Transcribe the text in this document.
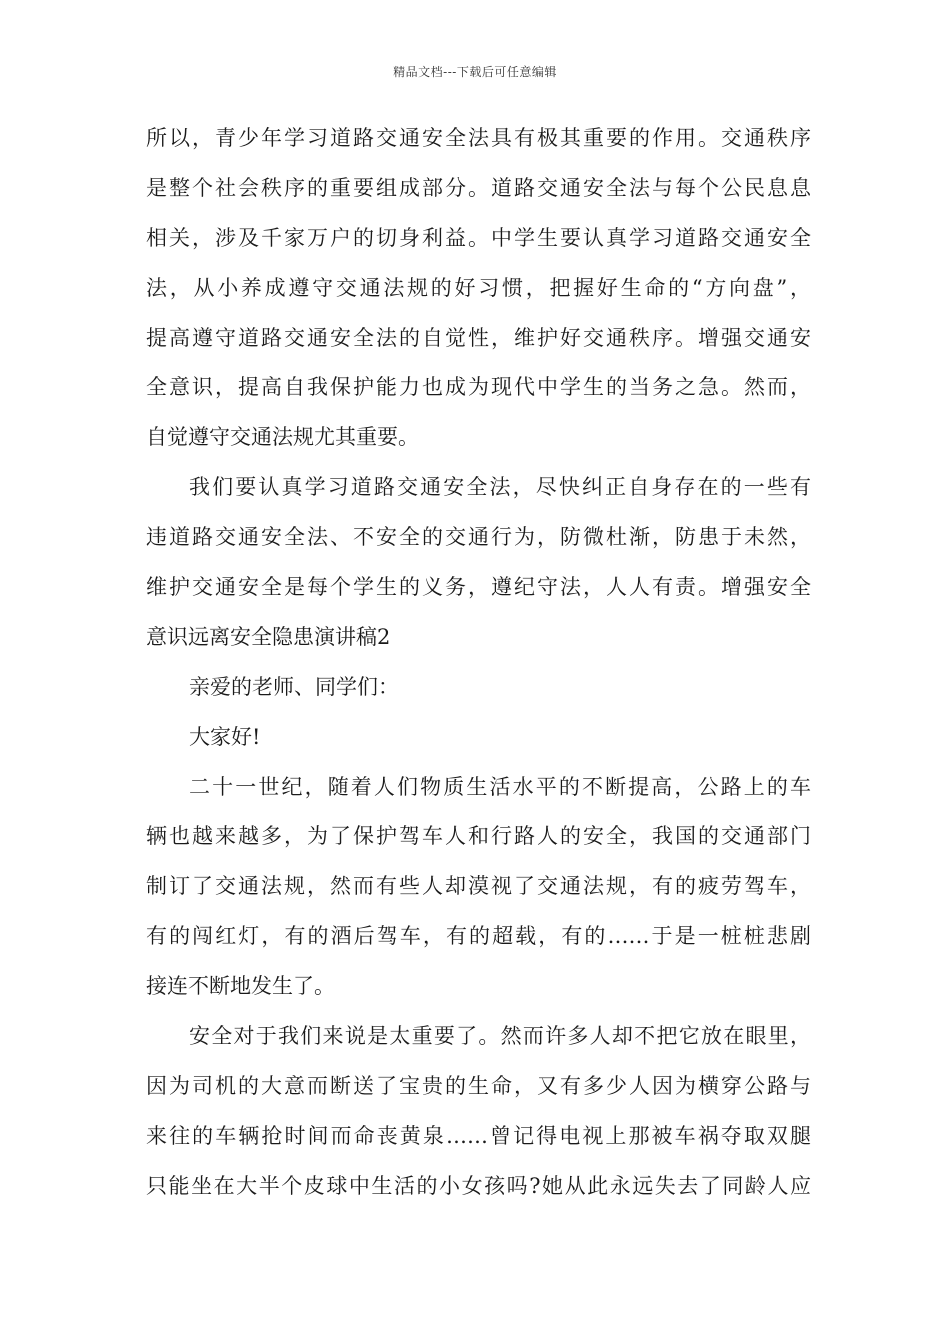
精品文档---下载后可任意编辑
所以，青少年学习道路交通安全法具有极其重要的作用。交通秩序
是整个社会秩序的重要组成部分。道路交通安全法与每个公民息息
相关，涉及千家万户的切身利益。中学生要认真学习道路交通安全
法，从小养成遵守交通法规的好习惯，把握好生命的“方向盘”，
提高遵守道路交通安全法的自觉性，维护好交通秩序。增强交通安
全意识，提高自我保护能力也成为现代中学生的当务之急。然而，
自觉遵守交通法规尤其重要。
我们要认真学习道路交通安全法，尽快纠正自身存在的一些有
违道路交通安全法、不安全的交通行为，防微杜渐，防患于未然，
维护交通安全是每个学生的义务，遵纪守法，人人有责。增强安全
意识远离安全隐患演讲稿2
亲爱的老师、同学们：
大家好!
二十一世纪，随着人们物质生活水平的不断提高，公路上的车
辆也越来越多，为了保护驾车人和行路人的安全，我国的交通部门
制订了交通法规，然而有些人却漠视了交通法规，有的疲劳驾车，
有的闯红灯，有的酒后驾车，有的超载，有的……于是一桩桩悲剧
接连不断地发生了。
安全对于我们来说是太重要了。然而许多人却不把它放在眼里，
因为司机的大意而断送了宝贵的生命，又有多少人因为横穿公路与
来往的车辆抢时间而命丧黄泉……曾记得电视上那被车祸夺取双腿
只能坐在大半个皮球中生活的小女孩吗?她从此永远失去了同龄人应
